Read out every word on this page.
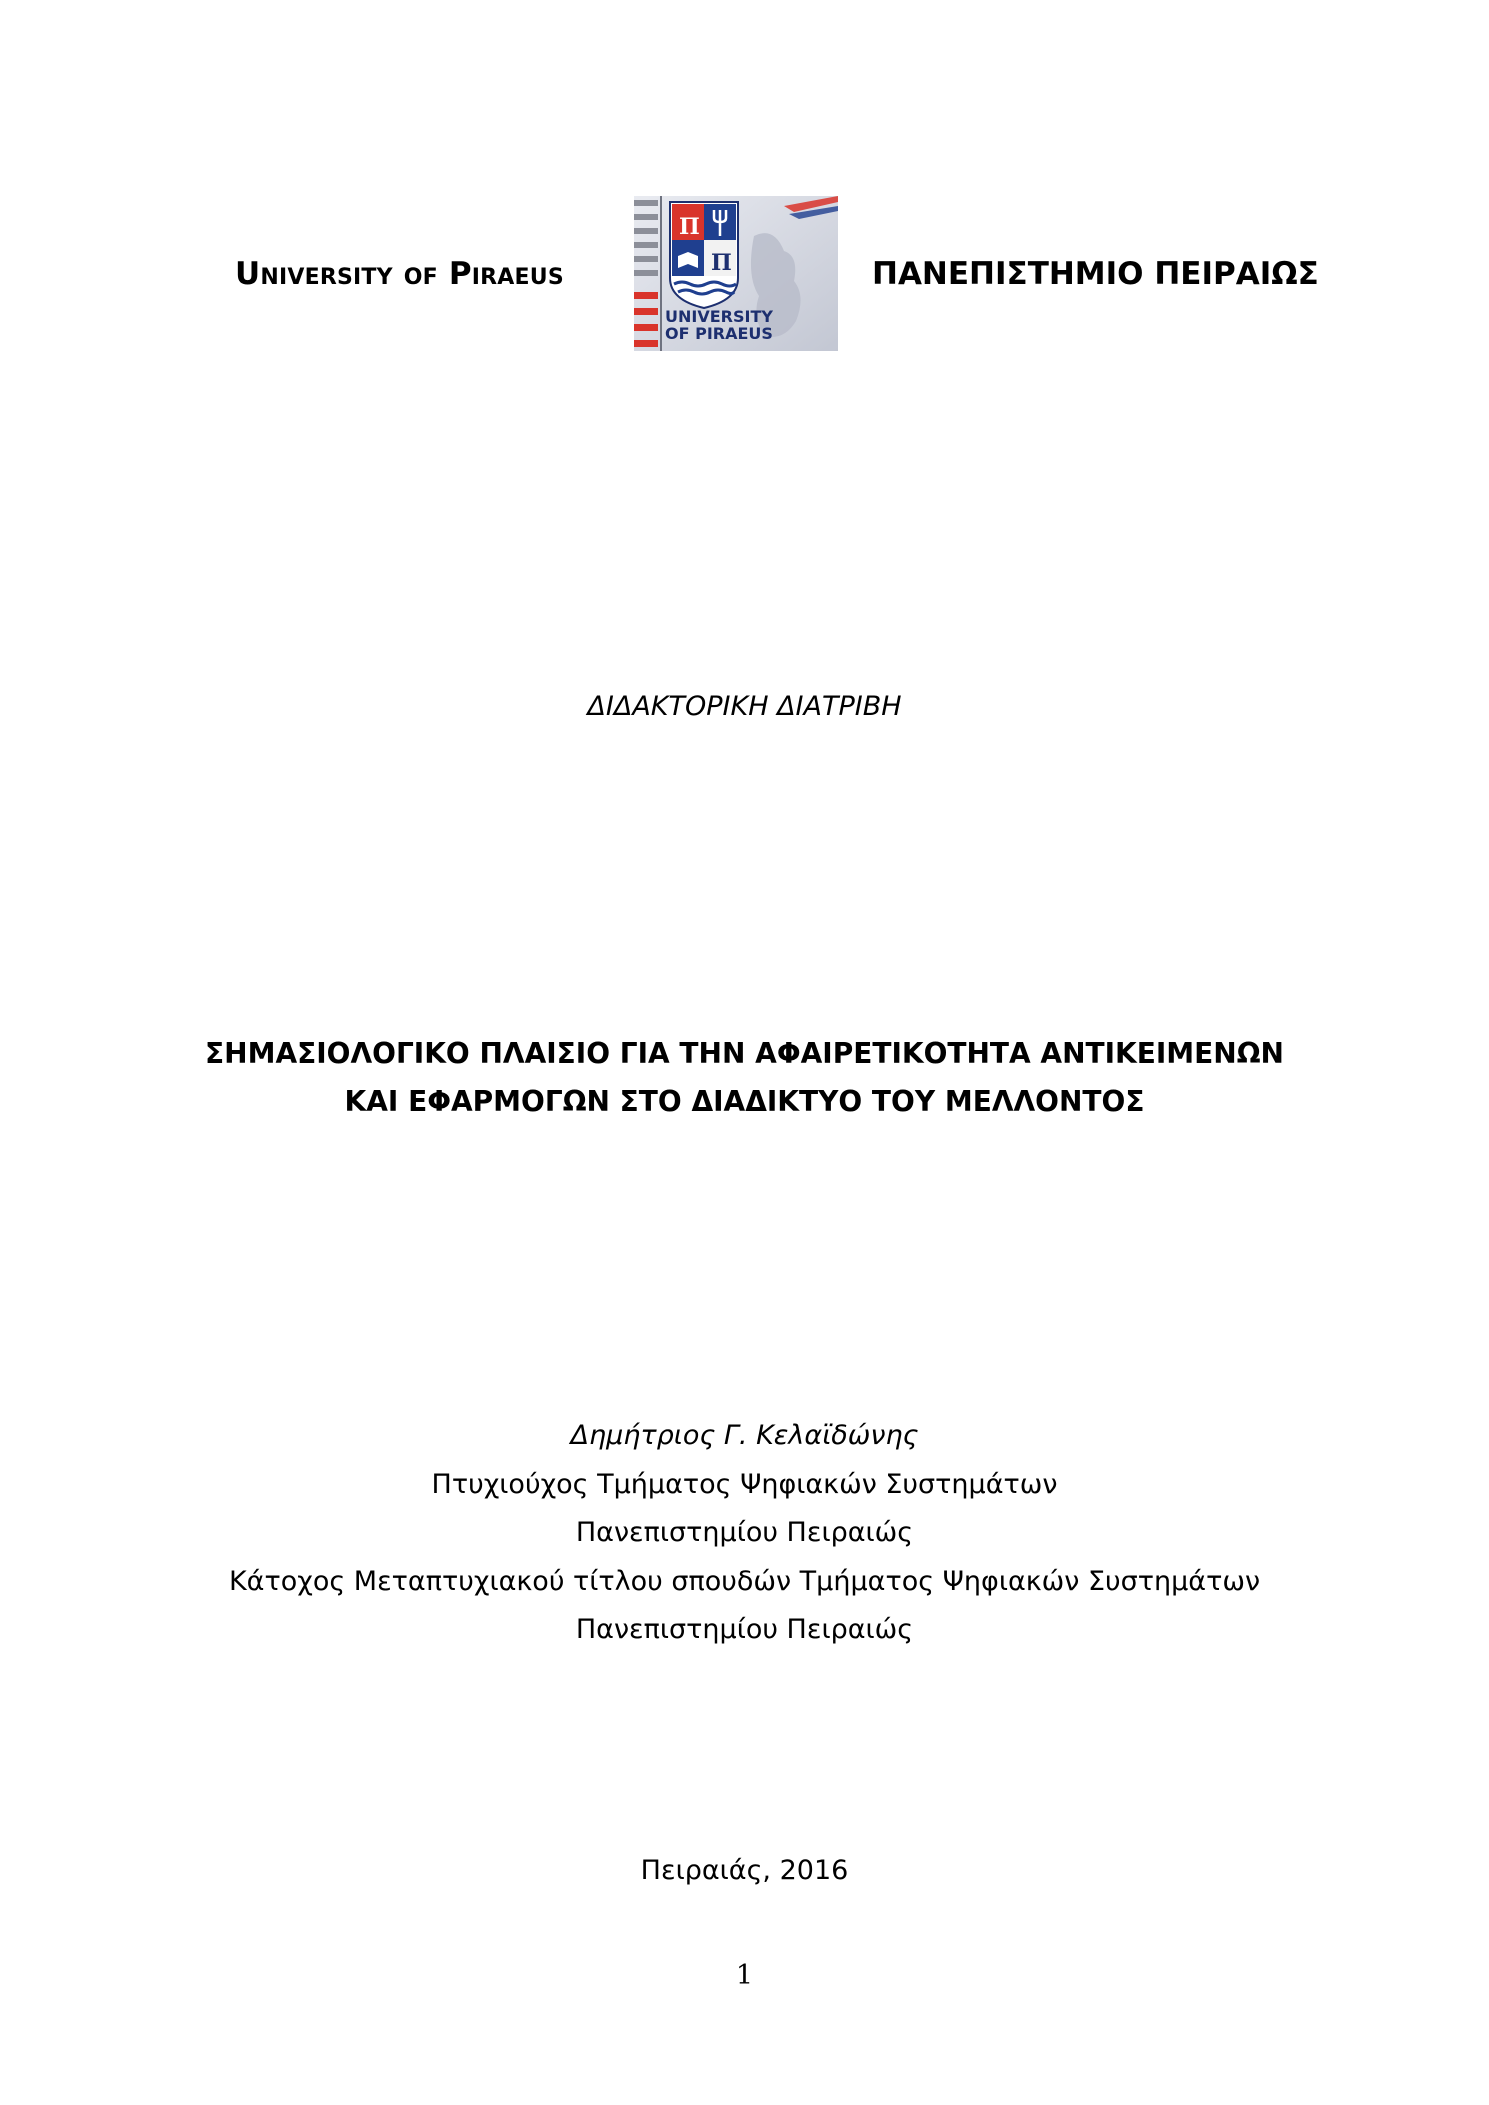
University of Piraeus
Π
Π
UNIVERSITY
OF PIRAEUS
ΠΑΝΕΠΙΣΤΗΜΙΟ ΠΕΙΡΑΙΩΣ
ΔΙΔΑΚΤΟΡΙΚΗ ΔΙΑΤΡΙΒΗ
ΣΗΜΑΣΙΟΛΟΓΙΚΟ ΠΛΑΙΣΙΟ ΓΙΑ ΤΗΝ ΑΦΑΙΡΕΤΙΚΟΤΗΤΑ ΑΝΤΙΚΕΙΜΕΝΩΝ
ΚΑΙ ΕΦΑΡΜΟΓΩΝ ΣΤΟ ΔΙΑΔΙΚΤΥΟ ΤΟΥ ΜΕΛΛΟΝΤΟΣ
Δημήτριος Γ. Κελαϊδώνης
Πτυχιούχος Τμήματος Ψηφιακών Συστημάτων
Πανεπιστημίου Πειραιώς
Κάτοχος Μεταπτυχιακού τίτλου σπουδών Τμήματος Ψηφιακών Συστημάτων
Πανεπιστημίου Πειραιώς
Πειραιάς, 2016
1
